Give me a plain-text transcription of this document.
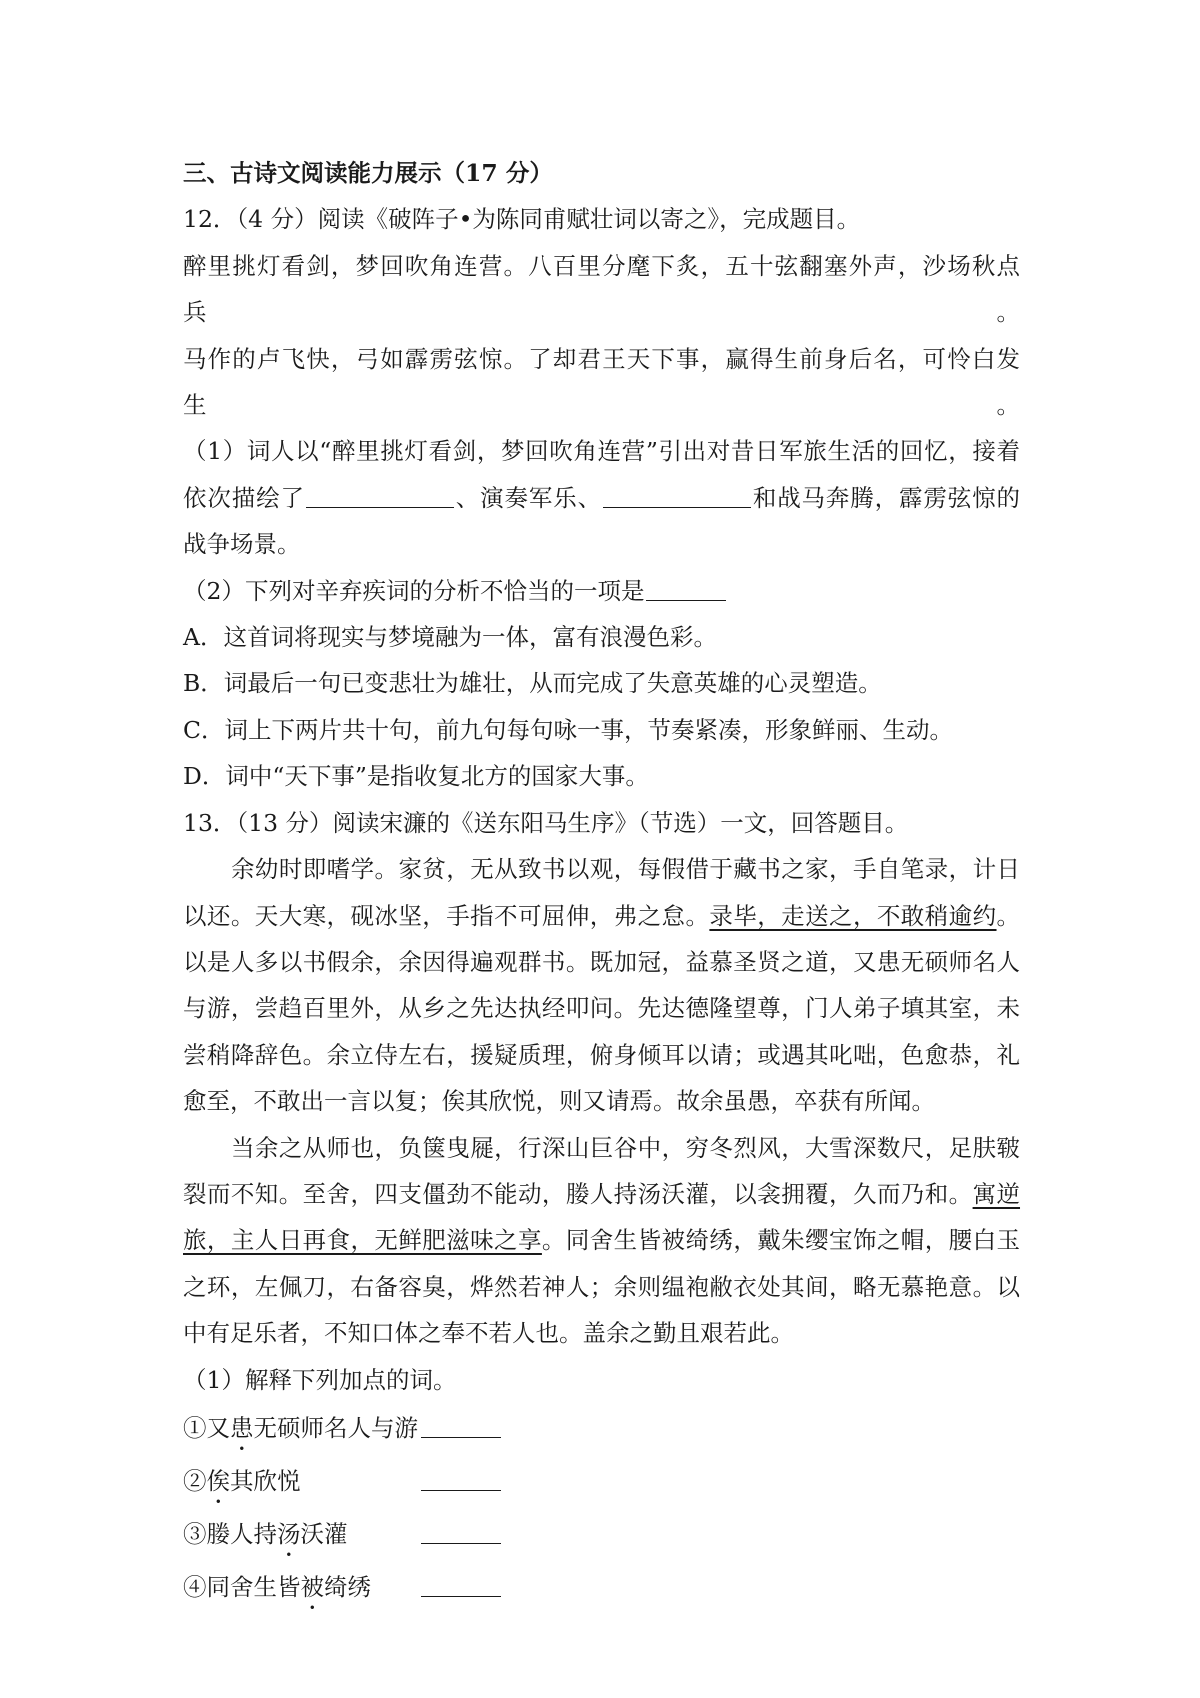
三、古诗文阅读能力展示（17 分）

12．（4 分）阅读《破阵子•为陈同甫赋壮词以寄之》，完成题目。

醉里挑灯看剑，梦回吹角连营。八百里分麾下炙，五十弦翻塞外声，沙场秋点兵。

马作的卢飞快，弓如霹雳弦惊。了却君王天下事，赢得生前身后名，可怜白发生。

（1）词人以“醉里挑灯看剑，梦回吹角连营”引出对昔日军旅生活的回忆，接着

依次描绘了	、演奏军乐、	和战马奔腾，霹雳弦惊的

战争场景。

（2）下列对辛弃疾词的分析不恰当的一项是

A．这首词将现实与梦境融为一体，富有浪漫色彩。

B．词最后一句已变悲壮为雄壮，从而完成了失意英雄的心灵塑造。

C．词上下两片共十句，前九句每句咏一事，节奏紧凑，形象鲜丽、生动。

D．词中“天下事”是指收复北方的国家大事。

13．（13 分）阅读宋濂的《送东阳马生序》（节选）一文，回答题目。

余幼时即嗜学。家贫，无从致书以观，每假借于藏书之家，手自笔录，计日以还。天大寒，砚冰坚，手指不可屈伸，弗之怠。录毕，走送之，不敢稍逾约。以是人多以书假余，余因得遍观群书。既加冠，益慕圣贤之道，又患无硕师名人与游，尝趋百里外，从乡之先达执经叩问。先达德隆望尊，门人弟子填其室，未尝稍降辞色。余立侍左右，援疑质理，俯身倾耳以请；或遇其叱咄，色愈恭，礼愈至，不敢出一言以复；俟其欣悦，则又请焉。故余虽愚，卒获有所闻。

当余之从师也，负箧曳屣，行深山巨谷中，穷冬烈风，大雪深数尺，足肤皲裂而不知。至舍，四支僵劲不能动，媵人持汤沃灌，以衾拥覆，久而乃和。寓逆旅，主人日再食，无鲜肥滋味之享。同舍生皆被绮绣，戴朱缨宝饰之帽，腰白玉之环，左佩刀，右备容臭，烨然若神人；余则缊袍敝衣处其间，略无慕艳意。以中有足乐者，不知口体之奉不若人也。盖余之勤且艰若此。

（1）解释下列加点的词。

①又患无硕师名人与游

②俟其欣悦

③媵人持汤沃灌

④同舍生皆被绮绣
